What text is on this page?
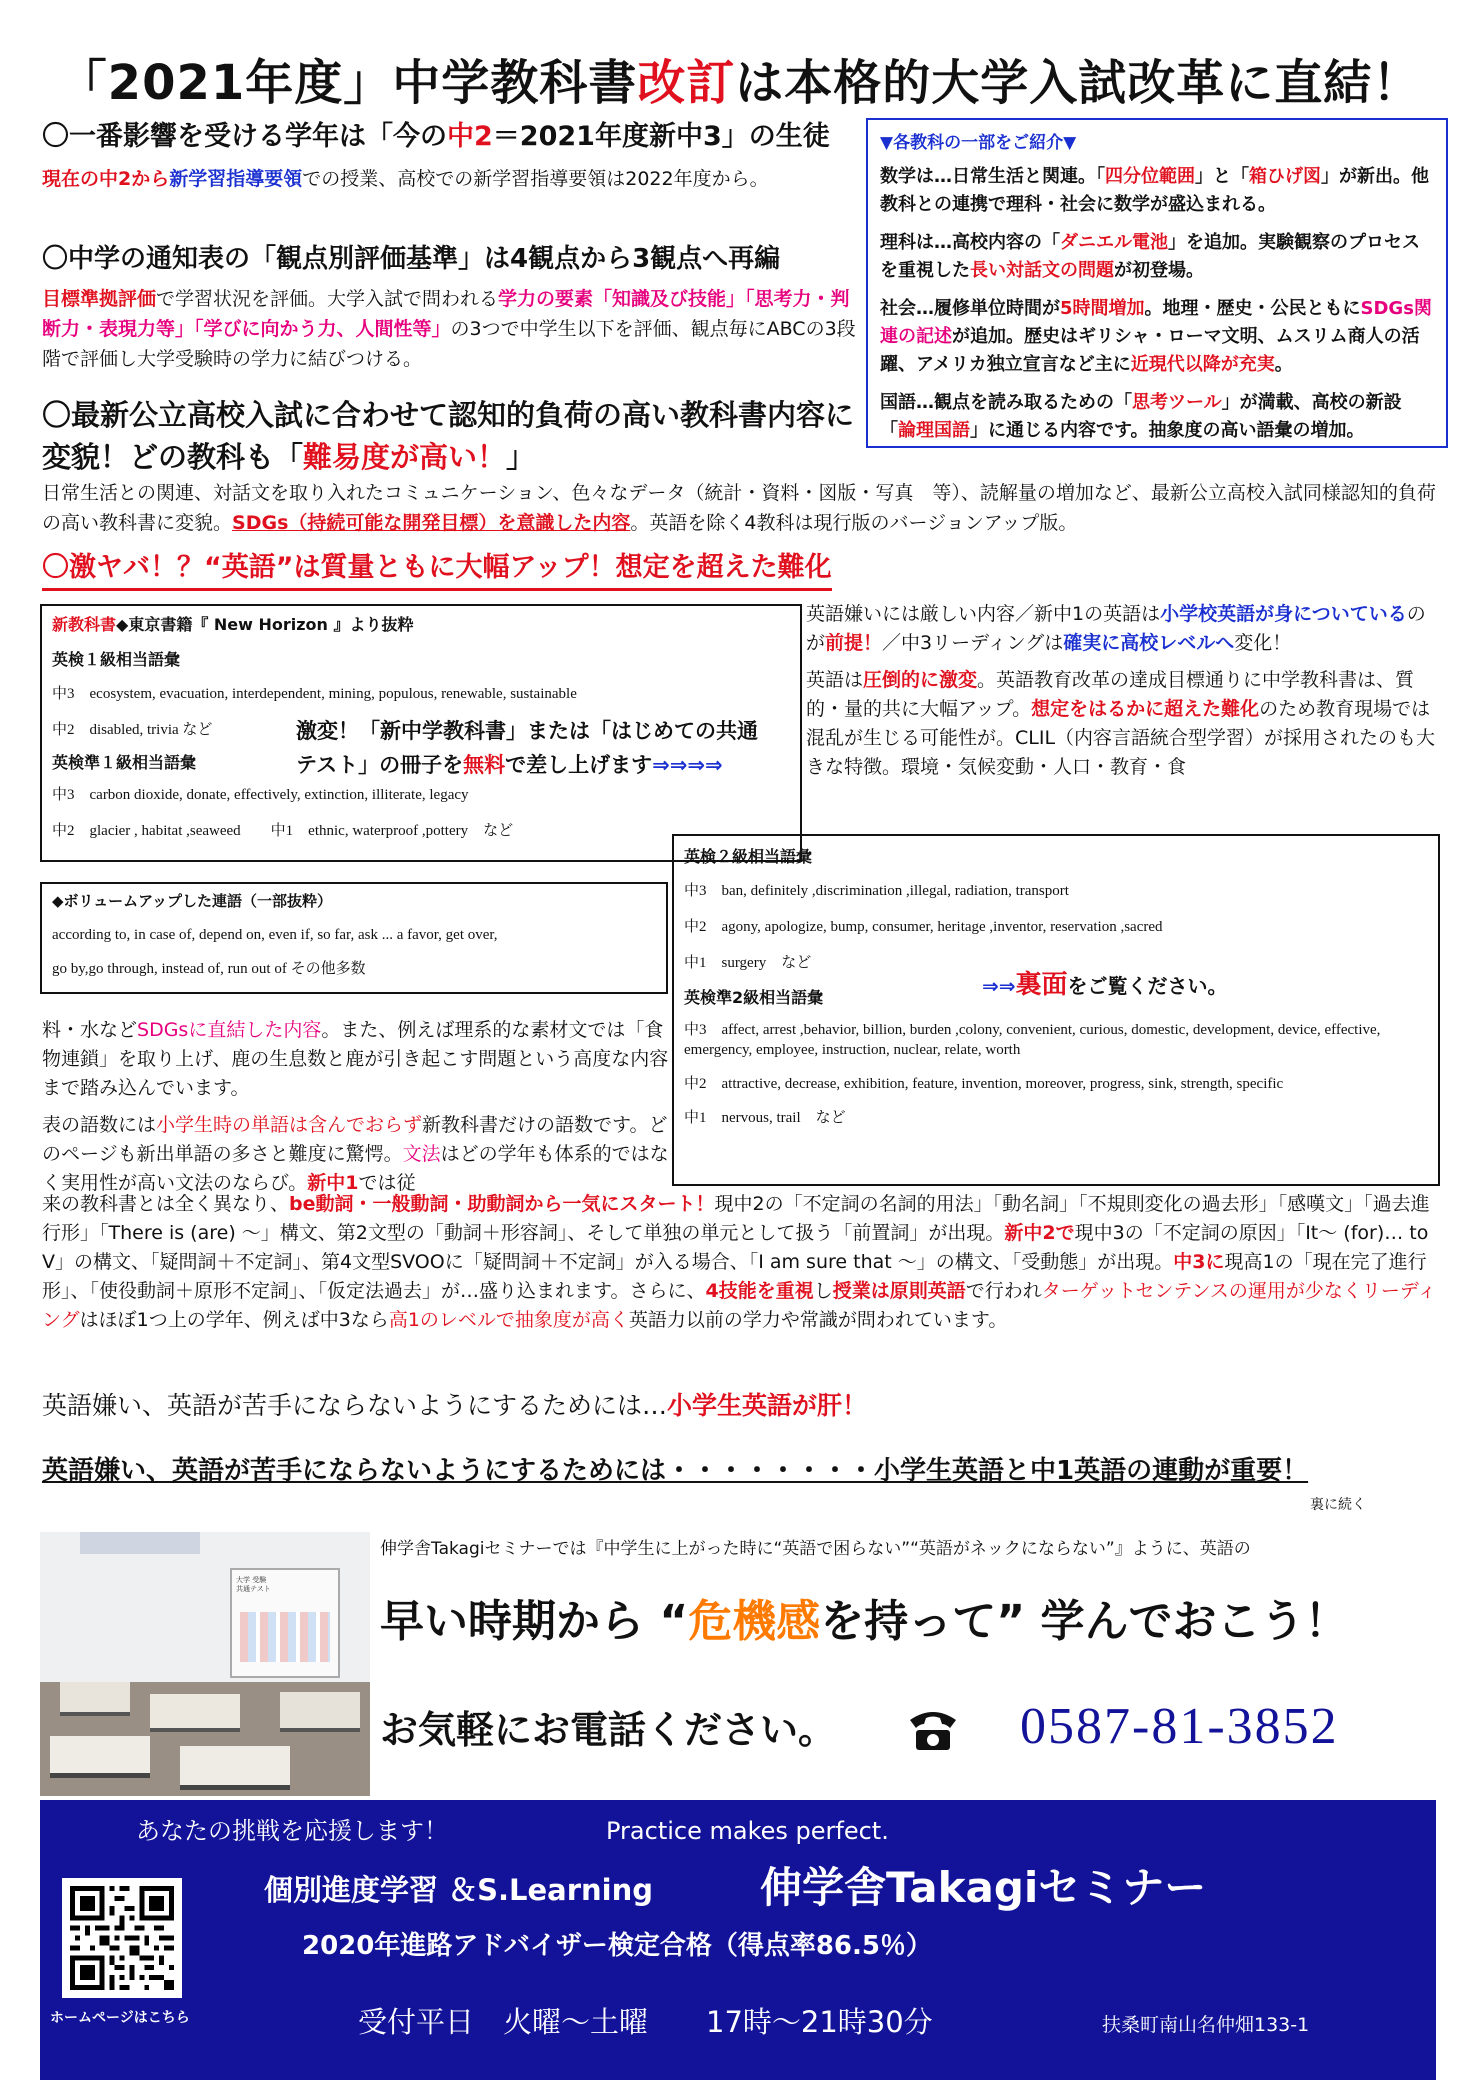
「2021年度」中学教科書改訂は本格的大学入試改革に直結！
〇一番影響を受ける学年は「今の中2＝2021年度新中3」の生徒
現在の中2から新学習指導要領での授業、高校での新学習指導要領は2022年度から。
〇中学の通知表の「観点別評価基準」は4観点から3観点へ再編
目標準拠評価で学習状況を評価。大学入試で問われる学力の要素「知識及び技能」「思考力・判断力・表現力等」「学びに向かう力、人間性等」の3つで中学生以下を評価、観点毎にABCの3段階で評価し大学受験時の学力に結びつける。
〇最新公立高校入試に合わせて認知的負荷の高い教科書内容に変貌！どの教科も「難易度が高い！」
日常生活との関連、対話文を取り入れたコミュニケーション、色々なデータ（統計・資料・図版・写真　等）、読解量の増加など、最新公立高校入試同様認知的負荷の高い教科書に変貌。SDGs（持続可能な開発目標）を意識した内容。英語を除く4教科は現行版のバージョンアップ版。
〇激ヤバ！？“英語”は質量ともに大幅アップ！想定を超えた難化
▼各教科の一部をご紹介▼
数学は…日常生活と関連。「四分位範囲」と「箱ひげ図」が新出。他教科との連携で理科・社会に数学が盛込まれる。
理科は…高校内容の「ダニエル電池」を追加。実験観察のプロセスを重視した長い対話文の問題が初登場。
社会…履修単位時間が5時間増加。地理・歴史・公民ともにSDGs関連の記述が追加。歴史はギリシャ・ローマ文明、ムスリム商人の活躍、アメリカ独立宣言など主に近現代以降が充実。
国語…観点を読み取るための「思考ツール」が満載、高校の新設「論理国語」に通じる内容です。抽象度の高い語彙の増加。
新教科書◆東京書籍『 New Horizon 』より抜粋
英検１級相当語彙
中3　ecosystem, evacuation, interdependent, mining, populous, renewable, sustainable
中2　disabled, trivia など
英検準１級相当語彙
中3　carbon dioxide, donate, effectively, extinction, illiterate, legacy
中2　glacier , habitat ,seaweed　　中1　ethnic, waterproof ,pottery　など
激変！「新中学教科書」または「はじめての共通テスト」の冊子を無料で差し上げます⇒⇒⇒⇒
英語嫌いには厳しい内容／新中1の英語は小学校英語が身についているのが前提！／中3リーディングは確実に高校レベルへ変化！
英語は圧倒的に激変。英語教育改革の達成目標通りに中学教科書は、質的・量的共に大幅アップ。想定をはるかに超えた難化のため教育現場では混乱が生じる可能性が。CLIL（内容言語統合型学習）が採用されたのも大きな特徴。環境・気候変動・人口・教育・食
英検２級相当語彙
中3　ban, definitely ,discrimination ,illegal, radiation, transport
中2　agony, apologize, bump, consumer, heritage ,inventor, reservation ,sacred
中1　surgery　など
英検準2級相当語彙
中3　affect, arrest ,behavior, billion, burden ,colony, convenient, curious, domestic, development, device, effective, emergency, employee, instruction, nuclear, relate, worth
中2　attractive, decrease, exhibition, feature, invention, moreover, progress, sink, strength, specific
中1　nervous, trail　など
⇒⇒裏面をご覧ください。
◆ボリュームアップした連語（一部抜粋）
according to, in case of, depend on, even if, so far, ask ... a favor, get over,
go by,go through, instead of, run out of その他多数
料・水などSDGsに直結した内容。また、例えば理系的な素材文では「食物連鎖」を取り上げ、鹿の生息数と鹿が引き起こす問題という高度な内容まで踏み込んでいます。
表の語数には小学生時の単語は含んでおらず新教科書だけの語数です。どのページも新出単語の多さと難度に驚愕。文法はどの学年も体系的ではなく実用性が高い文法のならび。新中1では従
来の教科書とは全く異なり、be動詞・一般動詞・助動詞から一気にスタート！現中2の「不定詞の名詞的用法」「動名詞」「不規則変化の過去形」「感嘆文」「過去進行形」「There is (are) ～」構文、第2文型の「動詞＋形容詞」、そして単独の単元として扱う「前置詞」が出現。新中2で現中3の「不定詞の原因」「It～ (for)… to V」の構文、「疑問詞＋不定詞」、第4文型SVOOに「疑問詞＋不定詞」が入る場合、「I am sure that ～」の構文、「受動態」が出現。中3に現高1の「現在完了進行形」、「使役動詞＋原形不定詞」、「仮定法過去」が…盛り込まれます。さらに、4技能を重視し授業は原則英語で行われターゲットセンテンスの運用が少なくリーディングはほぼ1つ上の学年、例えば中3なら高1のレベルで抽象度が高く英語力以前の学力や常識が問われています。
英語嫌い、英語が苦手にならないようにするためには…小学生英語が肝！
英語嫌い、英語が苦手にならないようにするためには・・・・・・・・小学生英語と中1英語の連動が重要！
裏に続く
大学 受験
共通テスト
伸学舎Takagiセミナーでは『中学生に上がった時に“英語で困らない”“英語がネックにならない”』ように、英語の
早い時期から “危機感を持って” 学んでおこう！
お気軽にお電話ください。	0587-81-3852
あなたの挑戦を応援します！	Practice makes perfect.
個別進度学習 ＆S.Learning	伸学舎Takagiセミナー
2020年進路アドバイザー検定合格（得点率86.5％）
ホームページはこちら	受付平日　火曜～土曜　　17時～21時30分	扶桑町南山名仲畑133-1
